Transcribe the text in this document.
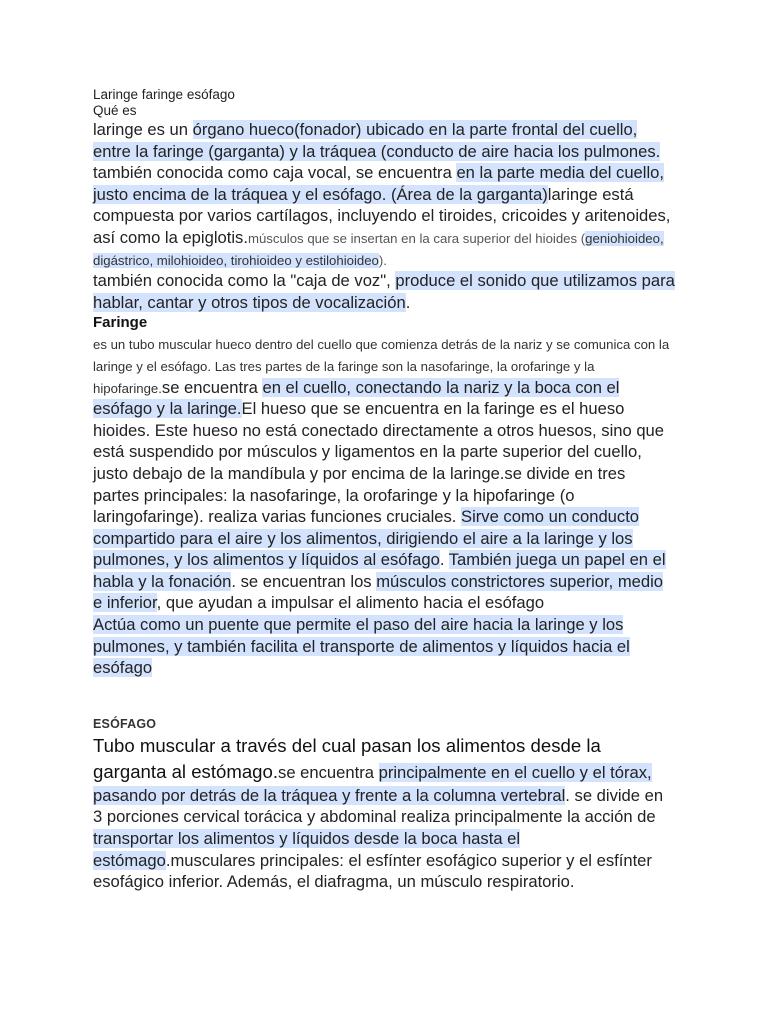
Laringe faringe esófago

Qué es

laringe es un órgano hueco(fonador) ubicado en la parte frontal del cuello, entre la faringe (garganta) y la tráquea (conducto de aire hacia los pulmones. también conocida como caja vocal, se encuentra en la parte media del cuello, justo encima de la tráquea y el esófago. (Área de la garganta)laringe está compuesta por varios cartílagos, incluyendo el tiroides, cricoides y aritenoides, así como la epiglotis.músculos que se insertan en la cara superior del hioides (geniohioideo, digástrico, milohioideo, tirohioideo y estilohioideo).

también conocida como la "caja de voz", produce el sonido que utilizamos para hablar, cantar y otros tipos de vocalización.

Faringe

es un tubo muscular hueco dentro del cuello que comienza detrás de la nariz y se comunica con la laringe y el esófago. Las tres partes de la faringe son la nasofaringe, la orofaringe y la hipofaringe.se encuentra en el cuello, conectando la nariz y la boca con el esófago y la laringe.El hueso que se encuentra en la faringe es el hueso hioides. Este hueso no está conectado directamente a otros huesos, sino que está suspendido por músculos y ligamentos en la parte superior del cuello, justo debajo de la mandíbula y por encima de la laringe.se divide en tres partes principales: la nasofaringe, la orofaringe y la hipofaringe (o laringofaringe). realiza varias funciones cruciales. Sirve como un conducto compartido para el aire y los alimentos, dirigiendo el aire a la laringe y los pulmones, y los alimentos y líquidos al esófago. También juega un papel en el habla y la fonación. se encuentran los músculos constrictores superior, medio e inferior, que ayudan a impulsar el alimento hacia el esófago

Actúa como un puente que permite el paso del aire hacia la laringe y los pulmones, y también facilita el transporte de alimentos y líquidos hacia el esófago

ESÓFAGO

Tubo muscular a través del cual pasan los alimentos desde la garganta al estómago.se encuentra principalmente en el cuello y el tórax, pasando por detrás de la tráquea y frente a la columna vertebral. se divide en 3 porciones cervical torácica y abdominal realiza principalmente la acción de transportar los alimentos y líquidos desde la boca hasta el estómago.musculares principales: el esfínter esofágico superior y el esfínter esofágico inferior. Además, el diafragma, un músculo respiratorio.
